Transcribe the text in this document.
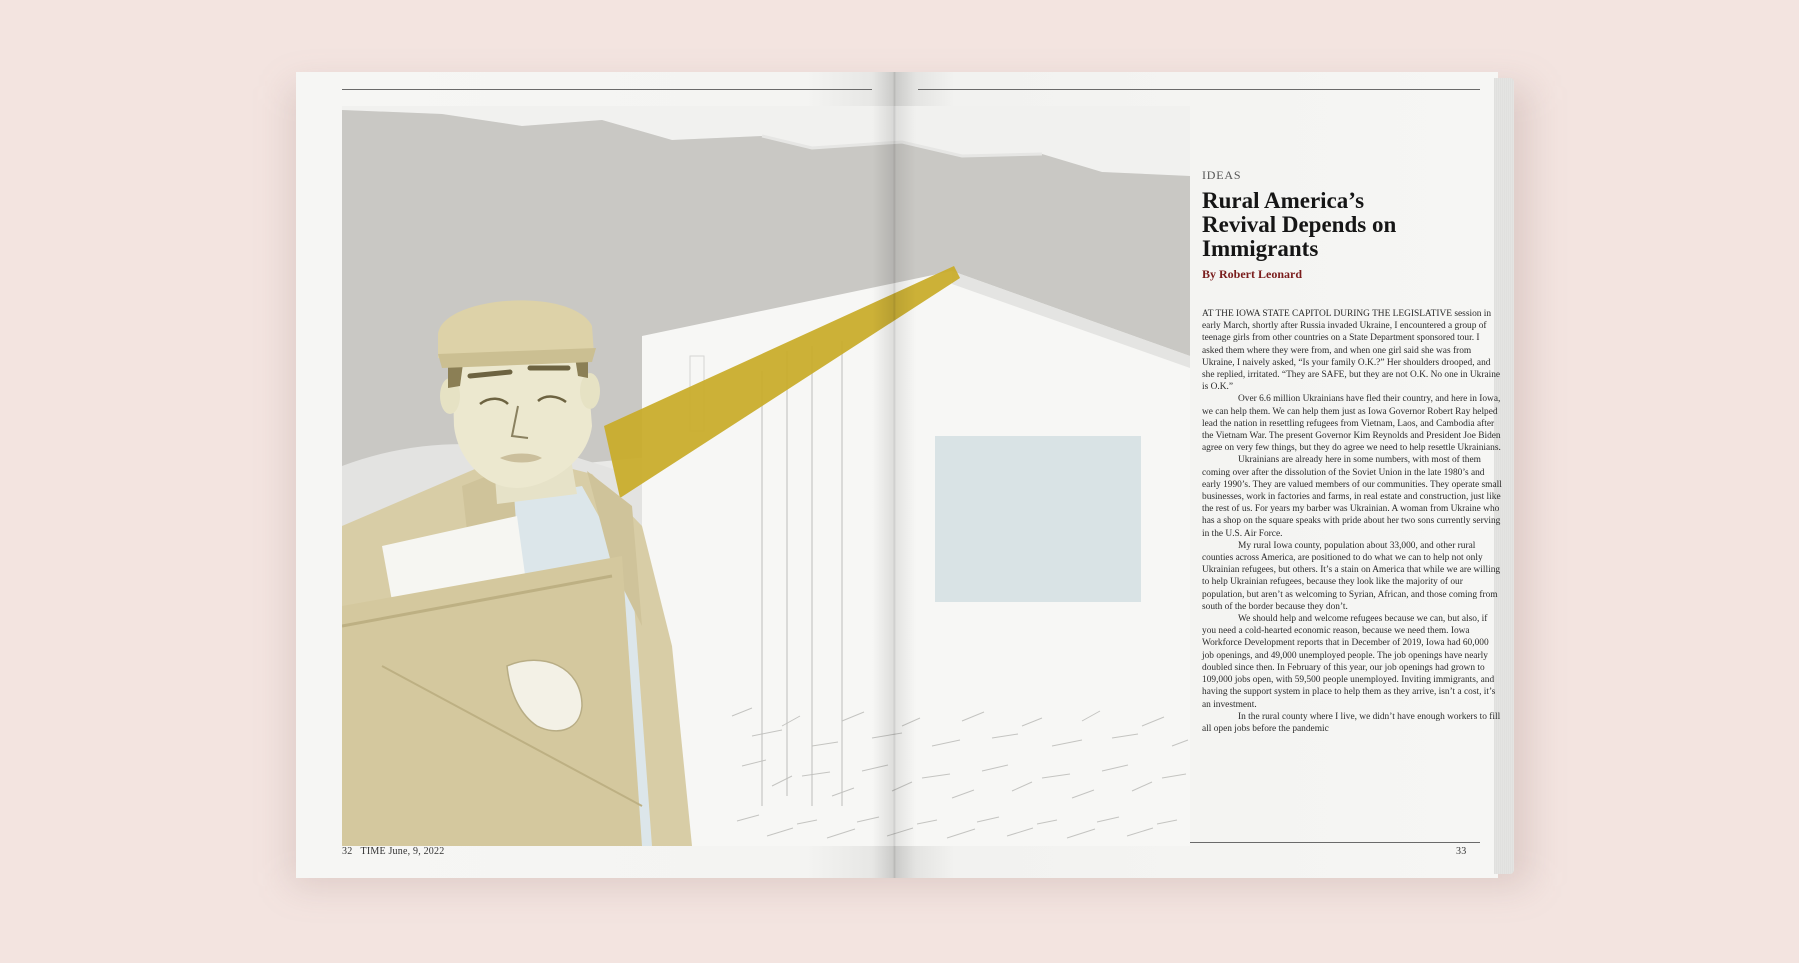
32 TIME June, 9, 2022	33
IDEAS
Rural America’s
Revival Depends on
Immigrants
By Robert Leonard

AT THE IOWA STATE CAPITOL DURING THE LEGISLATIVE session in early March, shortly after Russia invaded Ukraine, I encountered a group of teenage girls from other countries on a State Department sponsored tour. I asked them where they were from, and when one girl said she was from Ukraine, I naively asked, “Is your family O.K.?” Her shoulders drooped, and she replied, irritated. “They are SAFE, but they are not O.K. No one in Ukraine is O.K.”

Over 6.6 million Ukrainians have fled their country, and here in Iowa, we can help them. We can help them just as Iowa Governor Robert Ray helped lead the nation in resettling refugees from Vietnam, Laos, and Cambodia after the Vietnam War. The present Governor Kim Reynolds and President Joe Biden agree on very few things, but they do agree we need to help resettle Ukrainians.

Ukrainians are already here in some numbers, with most of them coming over after the dissolution of the Soviet Union in the late 1980’s and early 1990’s. They are valued members of our communities. They operate small businesses, work in factories and farms, in real estate and construction, just like the rest of us. For years my barber was Ukrainian. A woman from Ukraine who has a shop on the square speaks with pride about her two sons currently serving in the U.S. Air Force.

My rural Iowa county, population about 33,000, and other rural counties across America, are positioned to do what we can to help not only Ukrainian refugees, but others. It’s a stain on America that while we are willing to help Ukrainian refugees, because they look like the majority of our population, but aren’t as welcoming to Syrian, African, and those coming from south of the border because they don’t.

We should help and welcome refugees because we can, but also, if you need a cold-hearted economic reason, because we need them. Iowa Workforce Development reports that in December of 2019, Iowa had 60,000 job openings, and 49,000 unemployed people. The job openings have nearly doubled since then. In February of this year, our job openings had grown to 109,000 jobs open, with 59,500 people unemployed. Inviting immigrants, and having the support system in place to help them as they arrive, isn’t a cost, it’s an investment.

In the rural county where I live, we didn’t have enough workers to fill all open jobs before the pandemic
